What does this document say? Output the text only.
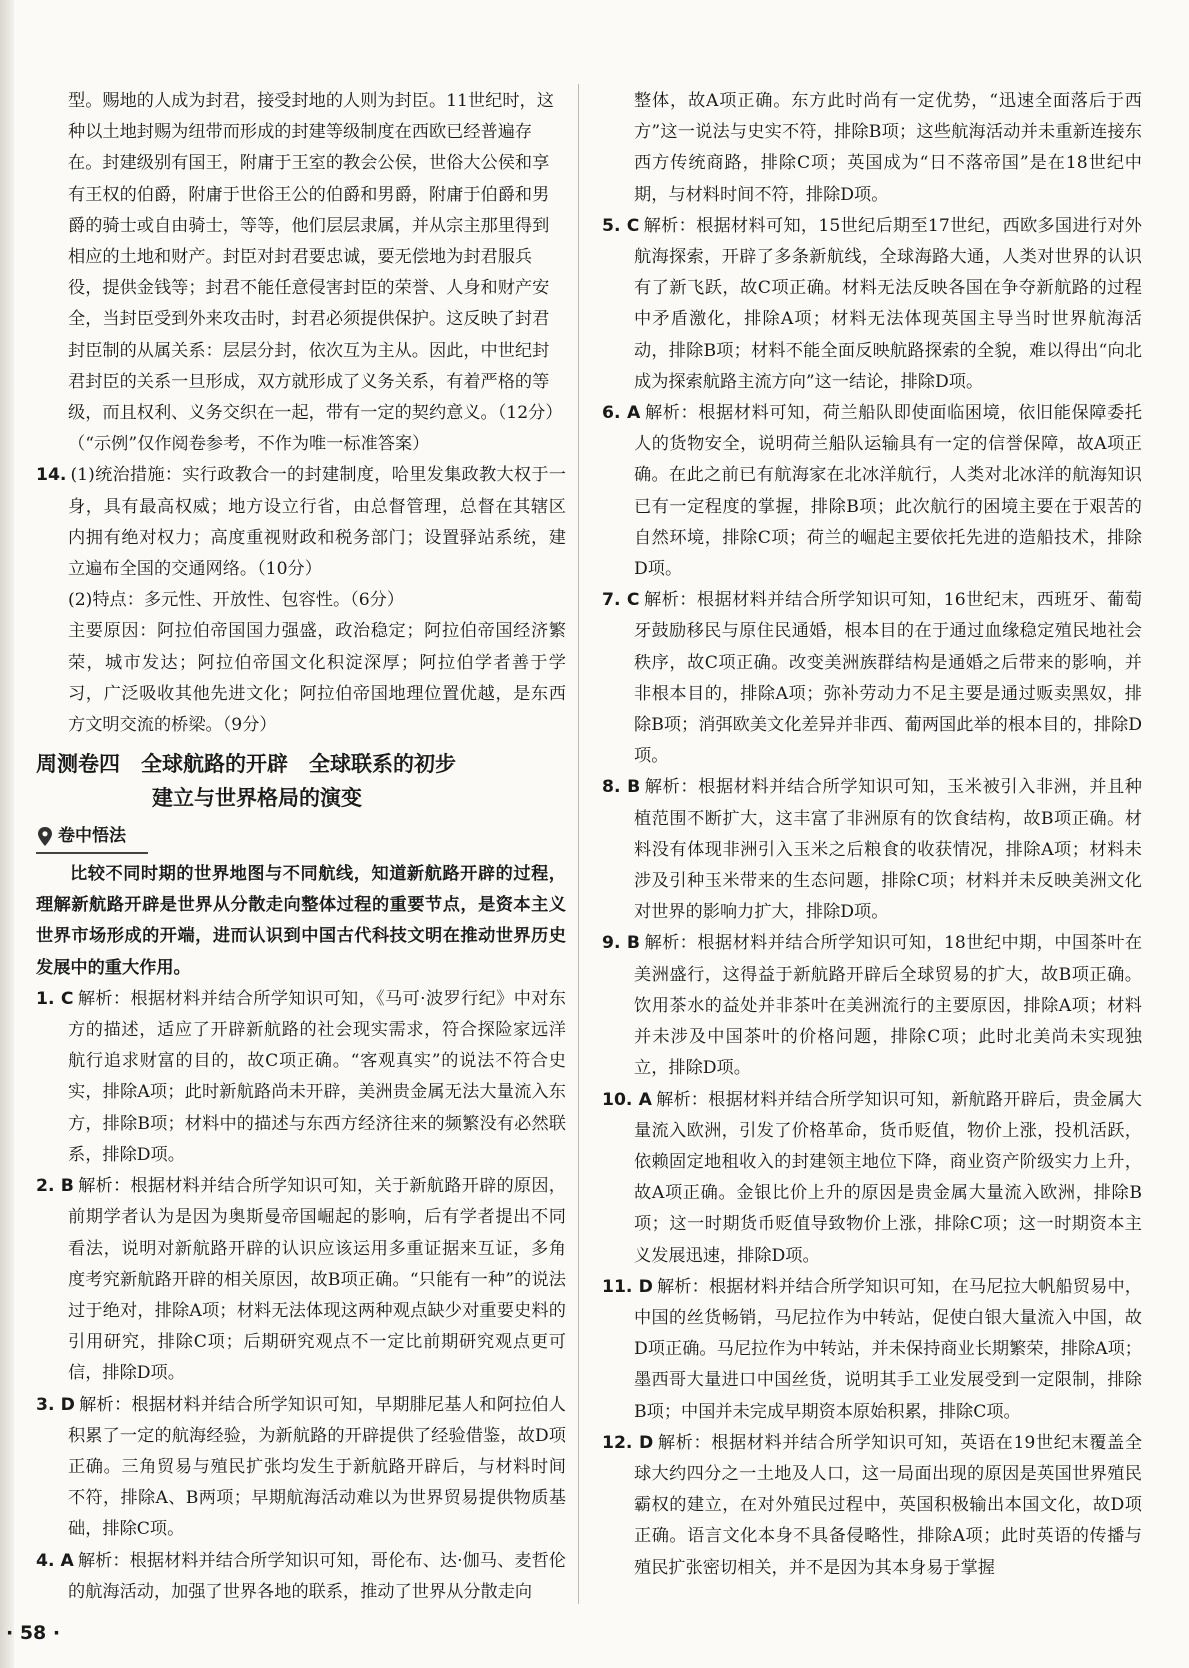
型。赐地的人成为封君，接受封地的人则为封臣。11世纪时，这

种以土地封赐为纽带而形成的封建等级制度在西欧已经普遍存

在。封建级别有国王，附庸于王室的教会公侯，世俗大公侯和享

有王权的伯爵，附庸于世俗王公的伯爵和男爵，附庸于伯爵和男

爵的骑士或自由骑士，等等，他们层层隶属，并从宗主那里得到

相应的土地和财产。封臣对封君要忠诚，要无偿地为封君服兵

役，提供金钱等；封君不能任意侵害封臣的荣誉、人身和财产安

全，当封臣受到外来攻击时，封君必须提供保护。这反映了封君

封臣制的从属关系：层层分封，依次互为主从。因此，中世纪封

君封臣的关系一旦形成，双方就形成了义务关系，有着严格的等

级，而且权利、义务交织在一起，带有一定的契约意义。（12分）

（“示例”仅作阅卷参考，不作为唯一标准答案）

14. (1)统治措施：实行政教合一的封建制度，哈里发集政教大权于一身，具有最高权威；地方设立行省，由总督管理，总督在其辖区内拥有绝对权力；高度重视财政和税务部门；设置驿站系统，建立遍布全国的交通网络。（10分）

(2)特点：多元性、开放性、包容性。（6分）

主要原因：阿拉伯帝国国力强盛，政治稳定；阿拉伯帝国经济繁荣，城市发达；阿拉伯帝国文化积淀深厚；阿拉伯学者善于学习，广泛吸收其他先进文化；阿拉伯帝国地理位置优越，是东西方文明交流的桥梁。（9分）

周测卷四　全球航路的开辟　全球联系的初步
建立与世界格局的演变
卷中悟法

比较不同时期的世界地图与不同航线，知道新航路开辟的过程，理解新航路开辟是世界从分散走向整体过程的重要节点，是资本主义世界市场形成的开端，进而认识到中国古代科技文明在推动世界历史发展中的重大作用。

1. C 解析：根据材料并结合所学知识可知，《马可·波罗行纪》中对东方的描述，适应了开辟新航路的社会现实需求，符合探险家远洋航行追求财富的目的，故C项正确。“客观真实”的说法不符合史实，排除A项；此时新航路尚未开辟，美洲贵金属无法大量流入东方，排除B项；材料中的描述与东西方经济往来的频繁没有必然联系，排除D项。

2. B 解析：根据材料并结合所学知识可知，关于新航路开辟的原因，前期学者认为是因为奥斯曼帝国崛起的影响，后有学者提出不同看法，说明对新航路开辟的认识应该运用多重证据来互证，多角度考究新航路开辟的相关原因，故B项正确。“只能有一种”的说法过于绝对，排除A项；材料无法体现这两种观点缺少对重要史料的引用研究，排除C项；后期研究观点不一定比前期研究观点更可信，排除D项。

3. D 解析：根据材料并结合所学知识可知，早期腓尼基人和阿拉伯人积累了一定的航海经验，为新航路的开辟提供了经验借鉴，故D项正确。三角贸易与殖民扩张均发生于新航路开辟后，与材料时间不符，排除A、B两项；早期航海活动难以为世界贸易提供物质基础，排除C项。

4. A 解析：根据材料并结合所学知识可知，哥伦布、达·伽马、麦哲伦的航海活动，加强了世界各地的联系，推动了世界从分散走向

整体，故A项正确。东方此时尚有一定优势，“迅速全面落后于西方”这一说法与史实不符，排除B项；这些航海活动并未重新连接东西方传统商路，排除C项；英国成为“日不落帝国”是在18世纪中期，与材料时间不符，排除D项。

5. C 解析：根据材料可知，15世纪后期至17世纪，西欧多国进行对外航海探索，开辟了多条新航线，全球海路大通，人类对世界的认识有了新飞跃，故C项正确。材料无法反映各国在争夺新航路的过程中矛盾激化，排除A项；材料无法体现英国主导当时世界航海活动，排除B项；材料不能全面反映航路探索的全貌，难以得出“向北成为探索航路主流方向”这一结论，排除D项。

6. A 解析：根据材料可知，荷兰船队即使面临困境，依旧能保障委托人的货物安全，说明荷兰船队运输具有一定的信誉保障，故A项正确。在此之前已有航海家在北冰洋航行，人类对北冰洋的航海知识已有一定程度的掌握，排除B项；此次航行的困境主要在于艰苦的自然环境，排除C项；荷兰的崛起主要依托先进的造船技术，排除D项。

7. C 解析：根据材料并结合所学知识可知，16世纪末，西班牙、葡萄牙鼓励移民与原住民通婚，根本目的在于通过血缘稳定殖民地社会秩序，故C项正确。改变美洲族群结构是通婚之后带来的影响，并非根本目的，排除A项；弥补劳动力不足主要是通过贩卖黑奴，排除B项；消弭欧美文化差异并非西、葡两国此举的根本目的，排除D项。

8. B 解析：根据材料并结合所学知识可知，玉米被引入非洲，并且种植范围不断扩大，这丰富了非洲原有的饮食结构，故B项正确。材料没有体现非洲引入玉米之后粮食的收获情况，排除A项；材料未涉及引种玉米带来的生态问题，排除C项；材料并未反映美洲文化对世界的影响力扩大，排除D项。

9. B 解析：根据材料并结合所学知识可知，18世纪中期，中国茶叶在美洲盛行，这得益于新航路开辟后全球贸易的扩大，故B项正确。饮用茶水的益处并非茶叶在美洲流行的主要原因，排除A项；材料并未涉及中国茶叶的价格问题，排除C项；此时北美尚未实现独立，排除D项。

10. A 解析：根据材料并结合所学知识可知，新航路开辟后，贵金属大量流入欧洲，引发了价格革命，货币贬值，物价上涨，投机活跃，依赖固定地租收入的封建领主地位下降，商业资产阶级实力上升，故A项正确。金银比价上升的原因是贵金属大量流入欧洲，排除B项；这一时期货币贬值导致物价上涨，排除C项；这一时期资本主义发展迅速，排除D项。

11. D 解析：根据材料并结合所学知识可知，在马尼拉大帆船贸易中，中国的丝货畅销，马尼拉作为中转站，促使白银大量流入中国，故D项正确。马尼拉作为中转站，并未保持商业长期繁荣，排除A项；墨西哥大量进口中国丝货，说明其手工业发展受到一定限制，排除B项；中国并未完成早期资本原始积累，排除C项。

12. D 解析：根据材料并结合所学知识可知，英语在19世纪末覆盖全球大约四分之一土地及人口，这一局面出现的原因是英国世界殖民霸权的建立，在对外殖民过程中，英国积极输出本国文化，故D项正确。语言文化本身不具备侵略性，排除A项；此时英语的传播与殖民扩张密切相关，并不是因为其本身易于掌握

· 58 ·
